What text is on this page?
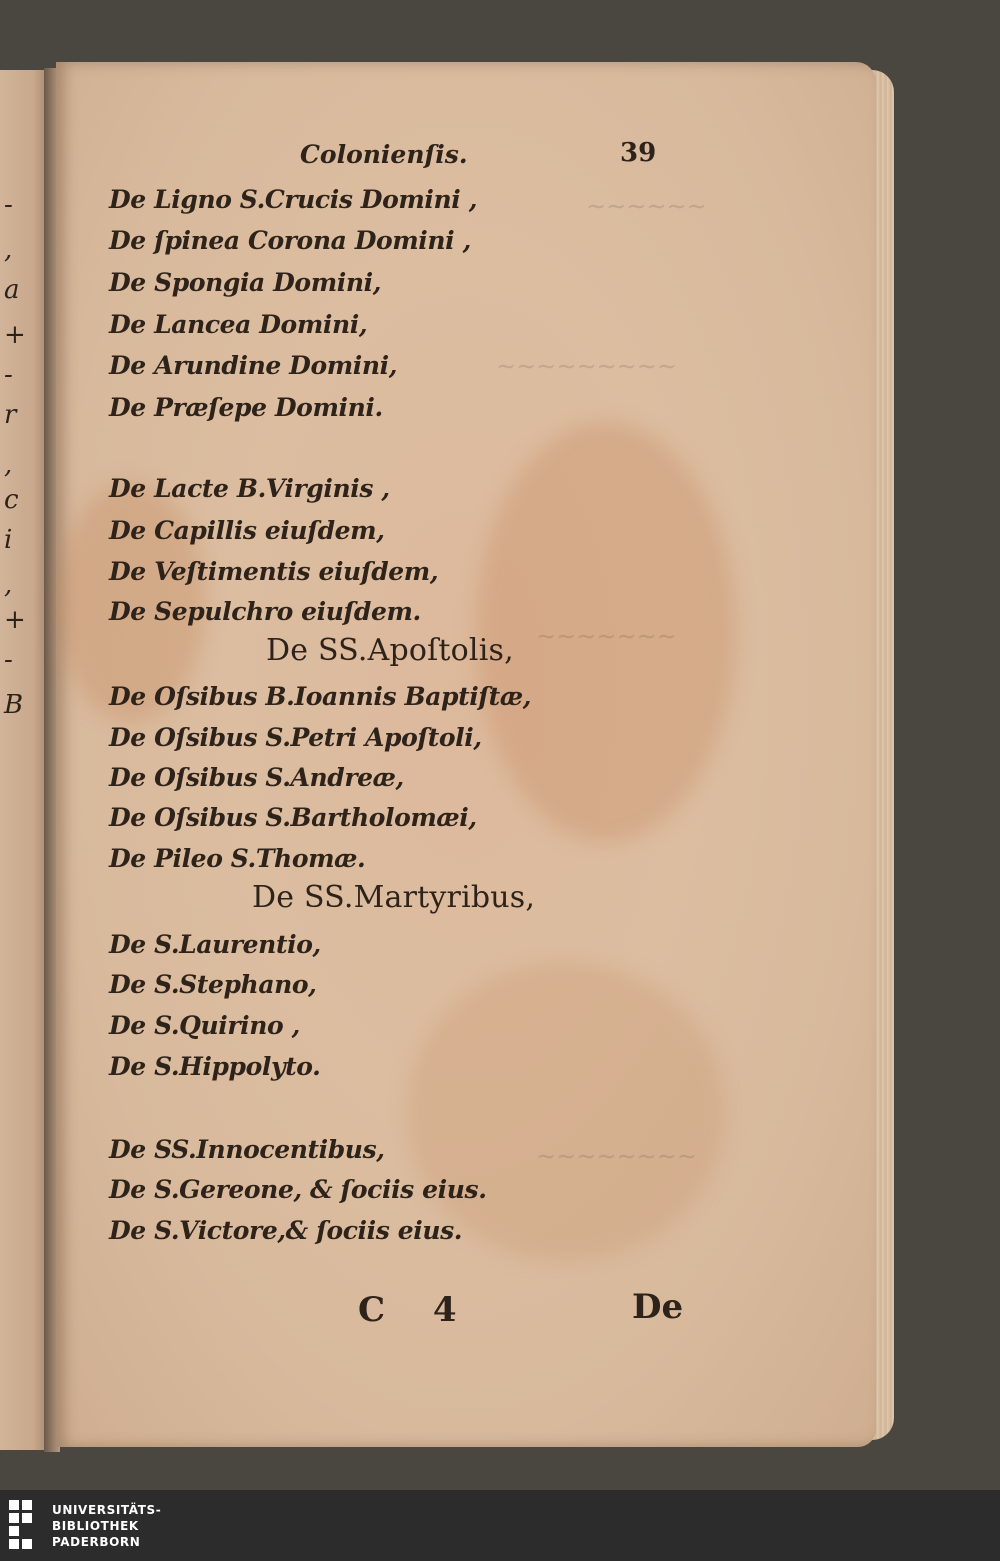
-
,
a
+
-
r
,
c
i
,
+
-
B
∼∼∼∼∼∼
∼∼∼∼∼∼∼∼∼
∼∼∼∼∼∼∼
∼∼∼∼∼∼∼∼
Colonienſis.	39
De Ligno S.Crucis Domini ,
De ſpinea Corona Domini ,
De Spongia Domini,
De Lancea Domini,
De Arundine Domini,
De Præſepe Domini.
De Lacte B.Virginis ,
De Capillis eiuſdem,
De Veſtimentis eiuſdem,
De Sepulchro eiuſdem.
De SS.Apoſtolis,
De Oſsibus B.Ioannis Baptiſtæ,
De Oſsibus S.Petri Apoſtoli,
De Oſsibus S.Andreæ,
De Oſsibus S.Bartholomæi,
De Pileo S.Thomæ.
De SS.Martyribus,
De S.Laurentio,
De S.Stephano,
De S.Quirino ,
De S.Hippolyto.
De SS.Innocentibus,
De S.Gereone, & ſociis eius.
De S.Victore,& ſociis eius.
C 4	De
UNIVERSITÄTS-
BIBLIOTHEK
PADERBORN
